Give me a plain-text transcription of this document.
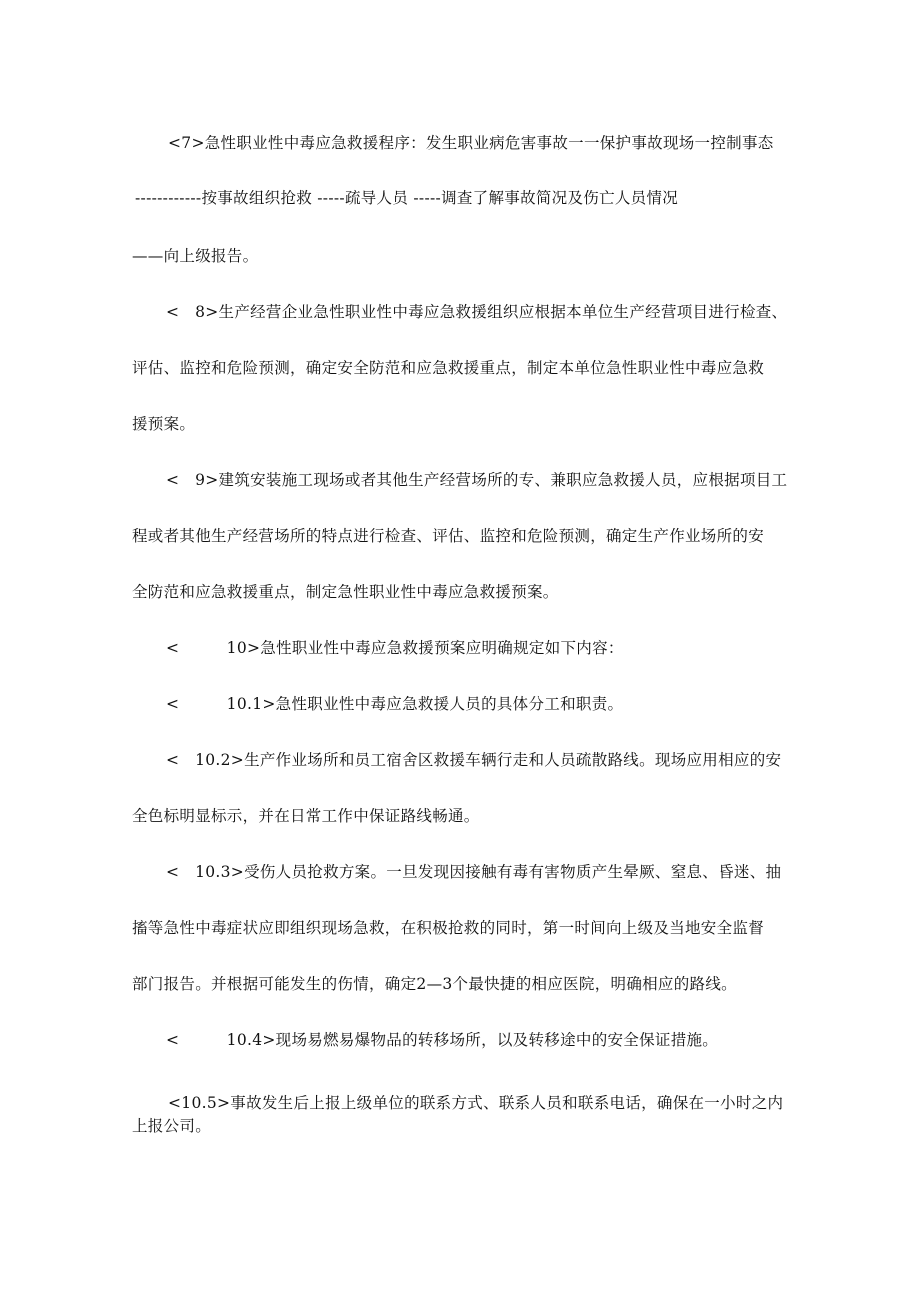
<7>急性职业性中毒应急救援程序：发生职业病危害事故一一保护事故现场一控制事态

------------按事故组织抢救 -----疏导人员 -----调查了解事故简况及伤亡人员情况

——向上级报告。

<　8>生产经营企业急性职业性中毒应急救援组织应根据本单位生产经营项目进行检查、

评估、监控和危险预测，确定安全防范和应急救援重点，制定本单位急性职业性中毒应急救

援预案。

<　9>建筑安装施工现场或者其他生产经营场所的专、兼职应急救援人员，应根据项目工

程或者其他生产经营场所的特点进行检查、评估、监控和危险预测，确定生产作业场所的安

全防范和应急救援重点，制定急性职业性中毒应急救援预案。

<　　　10>急性职业性中毒应急救援预案应明确规定如下内容：

<　　　10.1>急性职业性中毒应急救援人员的具体分工和职责。

<　10.2>生产作业场所和员工宿舍区救援车辆行走和人员疏散路线。现场应用相应的安

全色标明显标示，并在日常工作中保证路线畅通。

<　10.3>受伤人员抢救方案。一旦发现因接触有毒有害物质产生晕厥、窒息、昏迷、抽

搐等急性中毒症状应即组织现场急救，在积极抢救的同时，第一时间向上级及当地安全监督

部门报告。并根据可能发生的伤情，确定2—3个最快捷的相应医院，明确相应的路线。

<　　　10.4>现场易燃易爆物品的转移场所，以及转移途中的安全保证措施。

<10.5>事故发生后上报上级单位的联系方式、联系人员和联系电话，确保在一小时之内

上报公司。
